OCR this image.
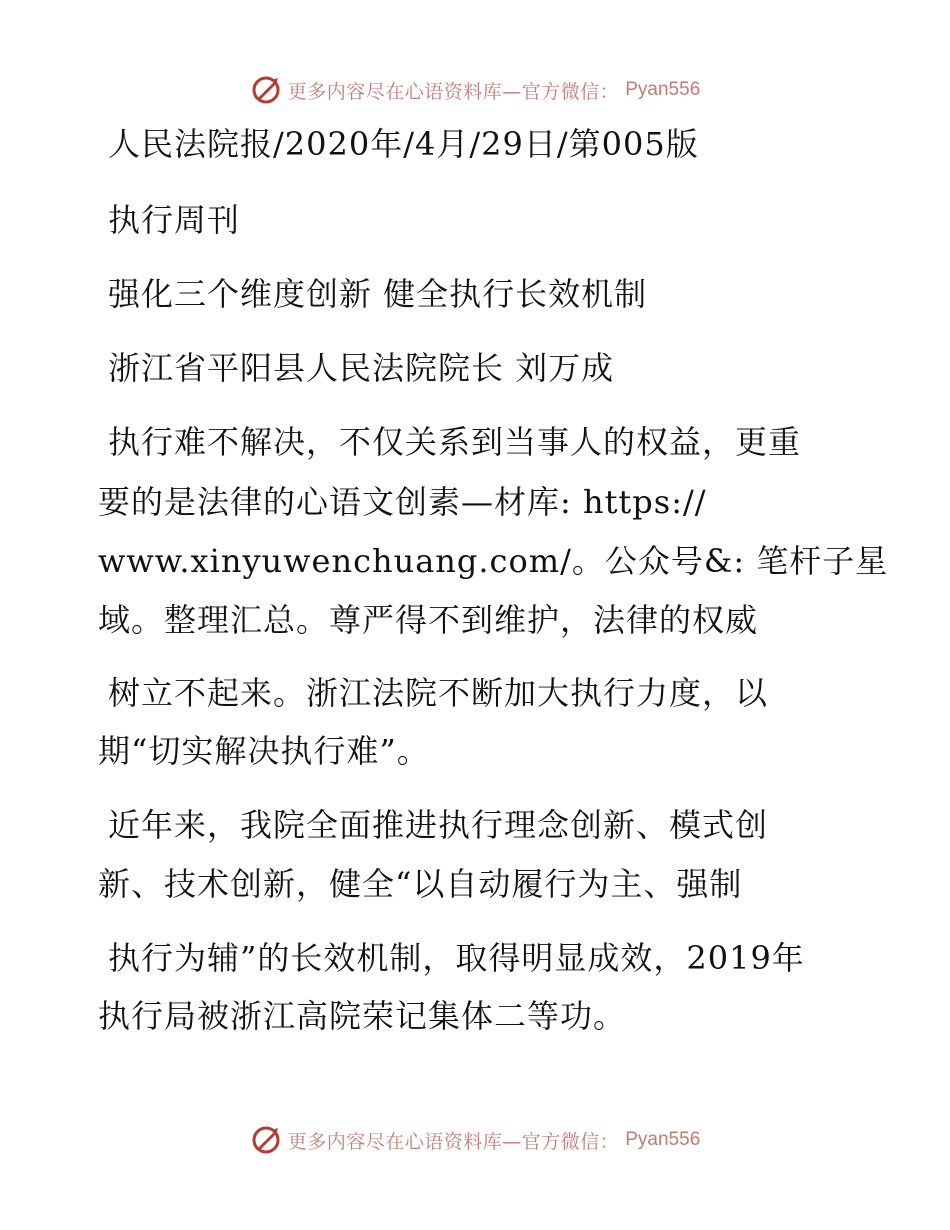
更多内容尽在心语资料库—官方微信： Pyan556
人民法院报/2020年/4月/29日/第005版
执行周刊
强化三个维度创新 健全执行长效机制
浙江省平阳县人民法院院长 刘万成
执行难不解决，不仅关系到当事人的权益，更重
要的是法律的心语文创素—材库: https://
www.xinyuwenchuang.com/。公众号&: 笔杆子星
域。整理汇总。尊严得不到维护，法律的权威
树立不起来。浙江法院不断加大执行力度，以
期“切实解决执行难”。
近年来，我院全面推进执行理念创新、模式创
新、技术创新，健全“以自动履行为主、强制
执行为辅”的长效机制，取得明显成效，2019年
执行局被浙江高院荣记集体二等功。
更多内容尽在心语资料库—官方微信： Pyan556
